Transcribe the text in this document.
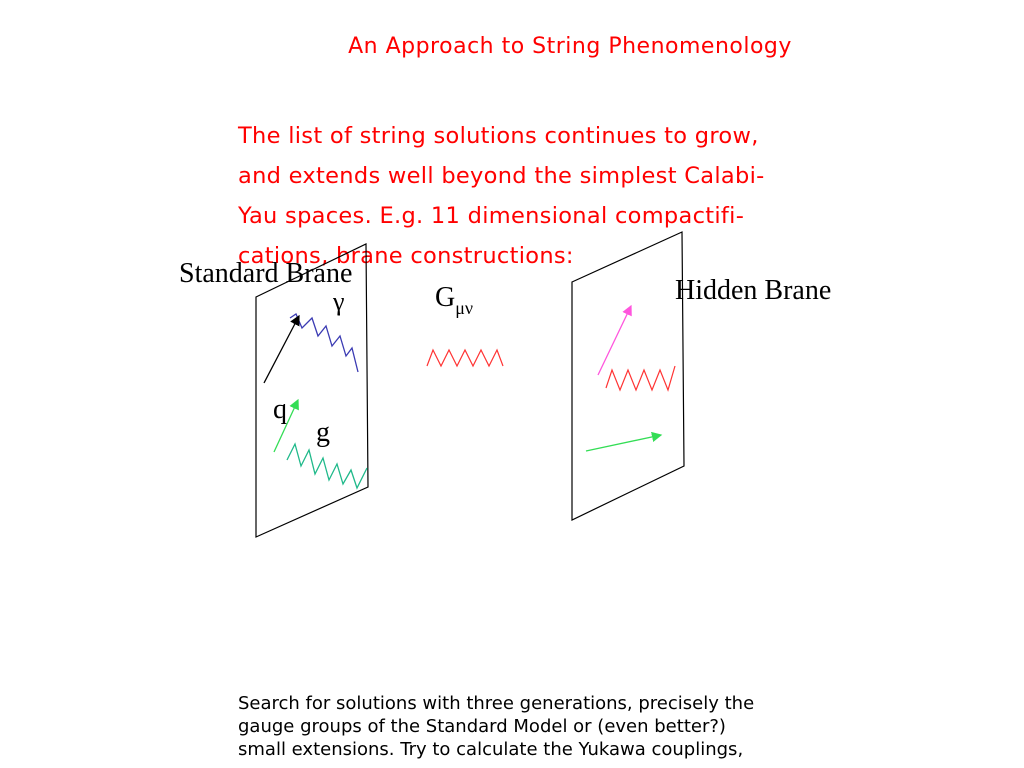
An Approach to String Phenomenology

The list of string solutions continues to grow,
and extends well beyond the simplest Calabi-
Yau spaces. E.g. 11 dimensional compactifi-
cations, brane constructions:

Standard Brane
Hidden Brane
$G_{\mu\nu}$
γ
q
g

Search for solutions with three generations, precisely the
gauge groups of the Standard Model or (even better?)
small extensions. Try to calculate the Yukawa couplings,
